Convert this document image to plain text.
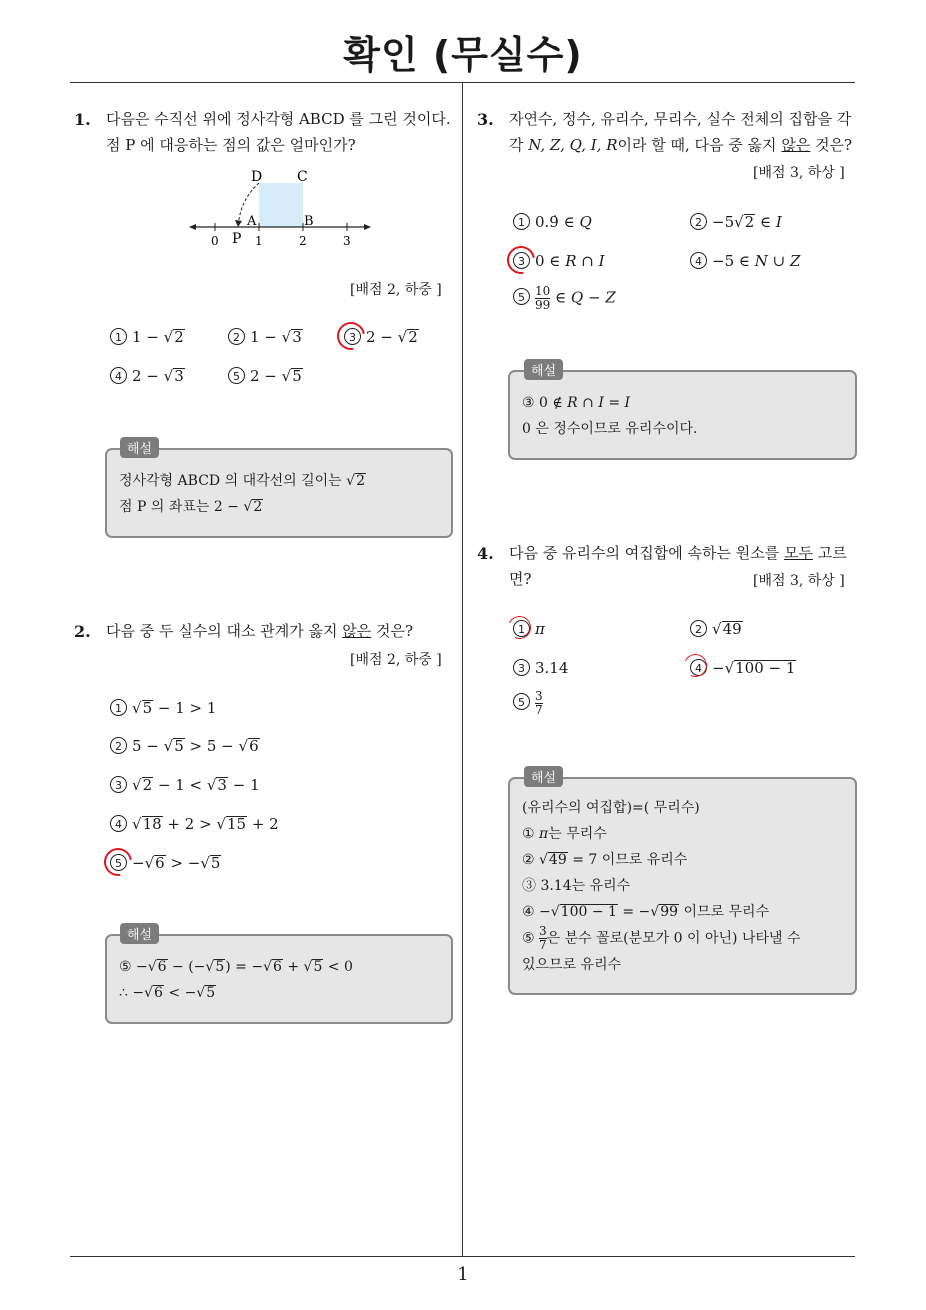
확인 (무실수)
1
1. 다음은 수직선 위에 정사각형 ABCD 를 그린 것이다.
점 P 에 대응하는 점의 값은 얼마인가?
D C
A	B
P
0	1	2	3
[배점 2, 하중 ]
1 1 − √2	2 1 − √3	3 2 − √2
4 2 − √3	5 2 − √5
정사각형 ABCD 의 대각선의 길이는 √2
점 P 의 좌표는 2 − √2
해설
2. 다음 중 두 실수의 대소 관계가 옳지 않은 것은?
[배점 2, 하중 ]
1 √5 − 1 > 1
2 5 − √5 > 5 − √6
3 √2 − 1 < √3 − 1
4 √18 + 2 > √15 + 2
5 −√6 > −√5
⑤ −√6 − (−√5) = −√6 + √5 < 0
∴ −√6 < −√5
해설
3. 자연수, 정수, 유리수, 무리수, 실수 전체의 집합을 각
각 N, Z, Q, I, R이라 할 때, 다음 중 옳지 않은 것은?
[배점 3, 하상 ]
1 0.9̇ ∈ Q	2 −5√2 ∈ I
3 0 ∈ R ∩ I	4 −5 ∈ N ∪ Z
$5 \frac{10}{99}$ ∈ Q − Z
③ 0 ∉ R ∩ I = I
0 은 정수이므로 유리수이다.
해설
4. 다음 중 유리수의 여집합에 속하는 원소를 모두 고르
면?	[배점 3, 하상 ]
1 π	2 √49
3 3.14	4 −√100 − 1
$5 \frac{3}{7}$
(유리수의 여집합)=( 무리수)
① π는 무리수
② √49 = 7 이므로 유리수
③ 3.14는 유리수
④ −√100 − 1 = −√99 이므로 무리수
⑤ $\frac{3}{7}$ 은 분수 꼴로(분모가 0 이 아닌) 나타낼 수
있으므로 유리수
해설
